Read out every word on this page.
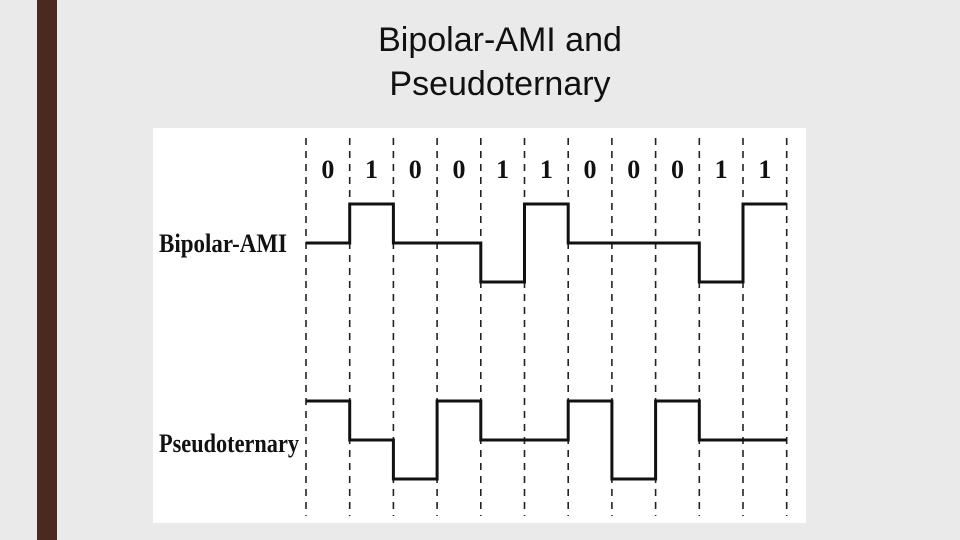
Bipolar-AMI and
Pseudoternary
0 1 0 0 1 1 0 0 0 1 1
Bipolar-AMI
Pseudoternary
